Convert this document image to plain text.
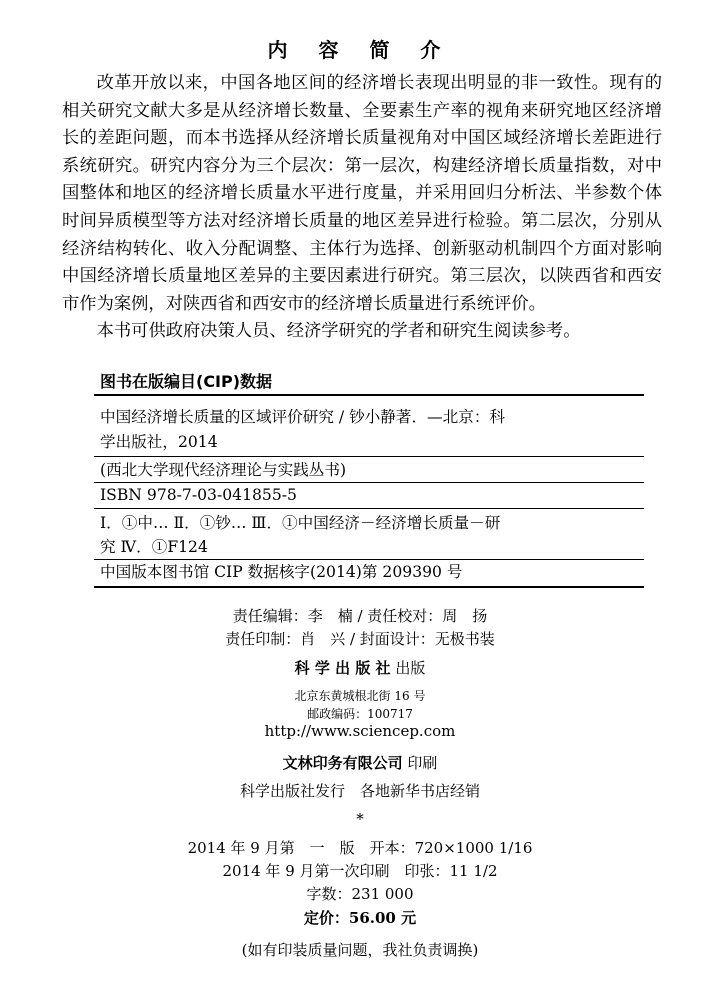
内 容 简 介

改革开放以来，中国各地区间的经济增长表现出明显的非一致性。现有的相关研究文献大多是从经济增长数量、全要素生产率的视角来研究地区经济增长的差距问题，而本书选择从经济增长质量视角对中国区域经济增长差距进行系统研究。研究内容分为三个层次：第一层次，构建经济增长质量指数，对中国整体和地区的经济增长质量水平进行度量，并采用回归分析法、半参数个体时间异质模型等方法对经济增长质量的地区差异进行检验。第二层次，分别从经济结构转化、收入分配调整、主体行为选择、创新驱动机制四个方面对影响中国经济增长质量地区差异的主要因素进行研究。第三层次，以陕西省和西安市作为案例，对陕西省和西安市的经济增长质量进行系统评价。

本书可供政府决策人员、经济学研究的学者和研究生阅读参考。

图书在版编目(CIP)数据
中国经济增长质量的区域评价研究 / 钞小静著．—北京：科
学出版社，2014
(西北大学现代经济理论与实践丛书)
ISBN 978-7-03-041855-5
Ⅰ．①中… Ⅱ．①钞… Ⅲ．①中国经济－经济增长质量－研
究 Ⅳ．①F124
中国版本图书馆 CIP 数据核字(2014)第 209390 号
责任编辑：李　楠 / 责任校对：周　扬
责任印制：肖　兴 / 封面设计：无极书装
科 学 出 版 社 出版
北京东黄城根北街 16 号
邮政编码：100717
http://www.sciencep.com
文林印务有限公司 印刷
科学出版社发行　各地新华书店经销
*
2014 年 9 月第　一　版　开本：720×1000 1/16
2014 年 9 月第一次印刷　印张：11 1/2
字数：231 000
定价：56.00 元
(如有印装质量问题，我社负责调换)
